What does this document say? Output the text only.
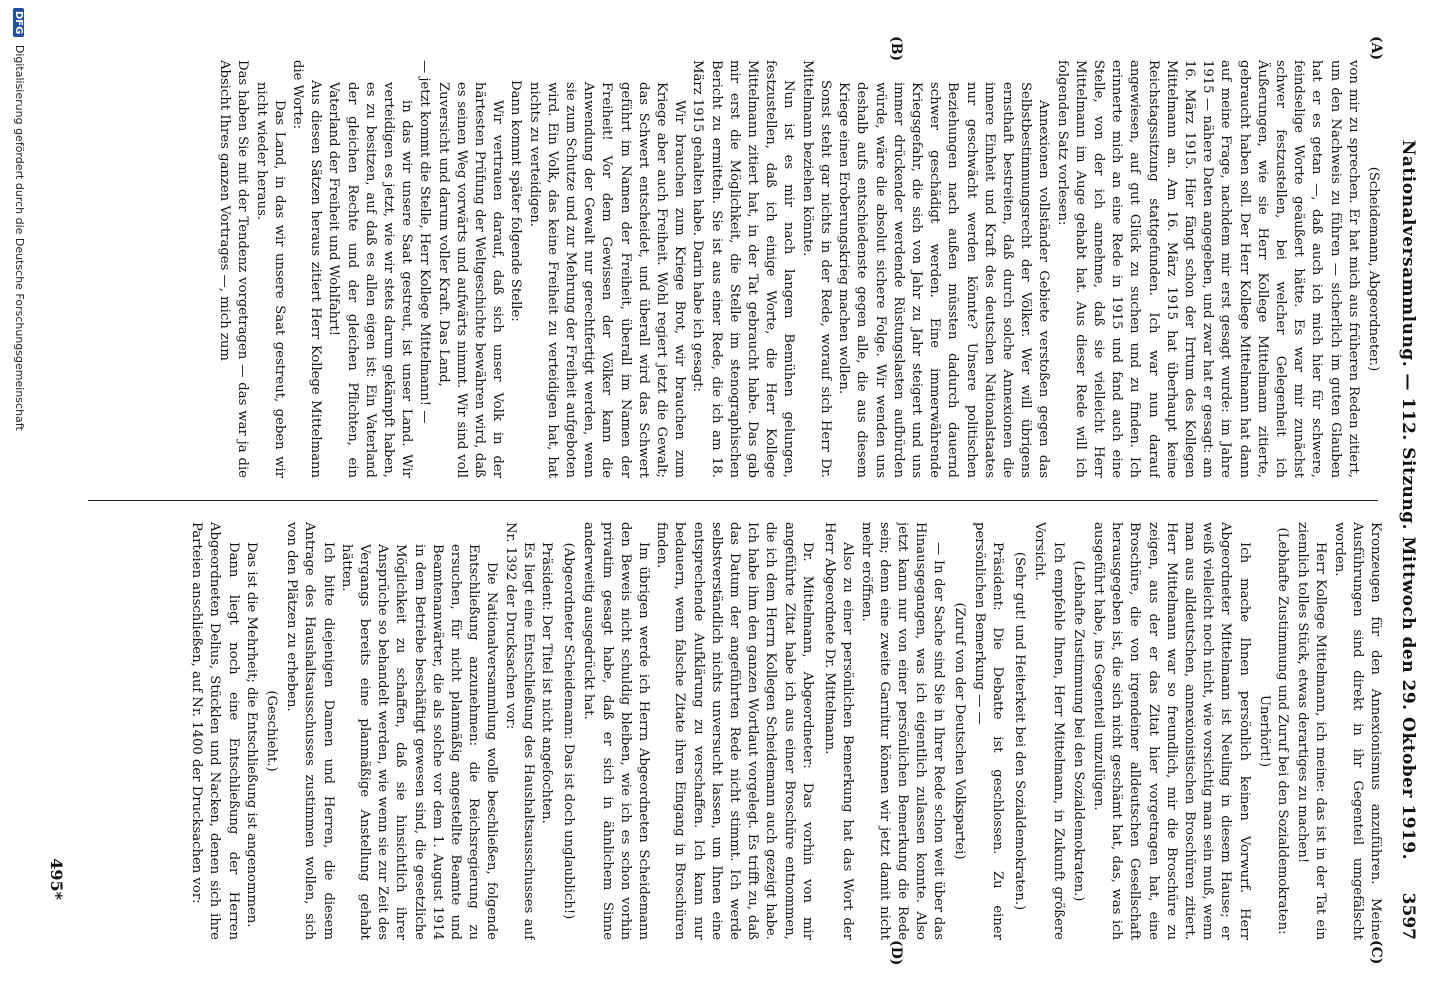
Nationalversammlung. — 112. Sitzung. Mittwoch den 29. Oktober 1919.
3597
(A)
(B)
(C)
(D)

(Scheidemann, Abgeordneter.)

von mir zu sprechen. Er hat mich aus früheren Reden zitiert, um den Nachweis zu führen — sicherlich im guten Glauben hat er es getan —, daß auch ich mich hier für schwere, feindselige Worte geäußert hätte. Es war mir zunächst schwer festzustellen, bei welcher Gelegenheit ich Äußerungen, wie sie Herr Kollege Mittelmann zitierte, gebraucht haben soll. Der Herr Kollege Mittelmann hat dann auf meine Frage, nachdem mir erst gesagt wurde: im Jahre 1915 — nähere Daten angegeben, und zwar hat er gesagt: am 16. März 1915. Hier fängt schon der Irrtum des Kollegen Mittelmann an. Am 16. März 1915 hat überhaupt keine Reichstagssitzung stattgefunden. Ich war nun darauf angewiesen, auf gut Glück zu suchen und zu finden. Ich erinnerte mich an eine Rede in 1915 und fand auch eine Stelle, von der ich annehme, daß sie vielleicht Herr Mittelmann im Auge gehabt hat. Aus dieser Rede will ich folgenden Satz vorlesen:

Annexionen vollständer Gebiete verstoßen gegen das Selbstbestimmungsrecht der Völker. Wer will übrigens ernsthaft bestreiten, daß durch solche Annexionen die innere Einheit und Kraft des deutschen Nationalstaates nur geschwächt werden könnte? Unsere politischen Beziehungen nach außen müssten dadurch dauernd schwer geschädigt werden. Eine immerwährende Kriegsgefahr, die sich von Jahr zu Jahr steigert und uns immer drückender werdende Rüstungslasten aufbürden würde, wäre die absolut sichere Folge. Wir wenden uns deshalb aufs entschiedenste gegen alle, die aus diesem Kriege einen Eroberungskrieg machen wollen.

Sonst steht gar nichts in der Rede, worauf sich Herr Dr. Mittelmann beziehen könnte.

Nun ist es mir nach langem Bemühen gelungen, festzustellen, daß ich einige Worte, die Herr Kollege Mittelmann zitiert hat, in der Tat gebraucht habe. Das gab mir erst die Möglichkeit, die Stelle im stenographischen Bericht zu ermitteln. Sie ist aus einer Rede, die ich am 18. März 1915 gehalten habe. Darin habe ich gesagt:

Wir brauchen zum Kriege Brot, wir brauchen zum Kriege aber auch Freiheit. Wohl regiert jetzt die Gewalt; das Schwert entscheidet, und überall wird das Schwert geführt im Namen der Freiheit, überall im Namen der Freiheit! Vor dem Gewissen der Völker kann die Anwendung der Gewalt nur gerechtfertigt werden, wenn sie zum Schutze und zur Mehrung der Freiheit aufgeboten wird. Ein Volk, das keine Freiheit zu verteidigen hat, hat nichts zu verteidigen.

Dann kommt später folgende Stelle:

Wir vertrauen darauf, daß sich unser Volk in der härtesten Prüfung der Weltgeschichte bewähren wird, daß es seinen Weg vorwärts und aufwärts nimmt. Wir sind voll Zuversicht und darum voller Kraft. Das Land,

— jetzt kommt die Stelle, Herr Kollege Mittelmann! —

in das wir unsere Saat gestreut, ist unser Land. Wir verteidigen es jetzt, wie wir stets darum gekämpft haben, es zu besitzen, auf daß es allen eigen ist: Ein Vaterland der gleichen Rechte und der gleichen Pflichten, ein Vaterland der Freiheit und Wohlfahrt!

Aus diesen Sätzen heraus zitiert Herr Kollege Mittelmann die Worte:

Das Land, in das wir unsere Saat gestreut, geben wir nicht wieder heraus.

Das haben Sie mit der Tendenz vorgetragen — das war ja die Absicht Ihres ganzen Vortrages —, mich zum

Kronzeugen für den Annexionismus anzuführen. Meine Ausführungen sind direkt in ihr Gegenteil umgefälscht worden.

Herr Kollege Mittelmann, ich meine: das ist in der Tat ein ziemlich tolles Stück, etwas derartiges zu machen!

(Lebhafte Zustimmung und Zuruf bei den Sozialdemokraten: Unerhört!)

Ich mache Ihnen persönlich keinen Vorwurf. Herr Abgeordneter Mittelmann ist Neuling in diesem Hause; er weiß vielleicht noch nicht, wie vorsichtig man sein muß, wenn man aus alldeutschen, annexionistischen Broschüren zitiert. Herr Mittelmann war so freundlich, mir die Broschüre zu zeigen, aus der er das Zitat hier vorgetragen hat, eine Broschüre, die von irgendeiner alldeutschen Gesellschaft herausgegeben ist, die sich nicht geschämt hat, das, was ich ausgeführt habe, ins Gegenteil umzulügen.

(Lebhafte Zustimmung bei den Sozialdemokraten.)

Ich empfehle Ihnen, Herr Mittelmann, in Zukunft größere Vorsicht.

(Sehr gut! und Heiterkeit bei den Sozialdemokraten.)

Präsident: Die Debatte ist geschlossen. Zu einer persönlichen Bemerkung — —

(Zuruf von der Deutschen Volkspartei)

— In der Sache sind Sie in Ihrer Rede schon weit über das Hinausgegangen, was ich eigentlich zulassen konnte. Also jetzt kann nur von einer persönlichen Bemerkung die Rede sein; denn eine zweite Garnitur können wir jetzt damit nicht mehr eröffnen.

Also zu einer persönlichen Bemerkung hat das Wort der Herr Abgeordnete Dr. Mittelmann.

Dr. Mittelmann, Abgeordneter: Das vorhin von mir angeführte Zitat habe ich aus einer Broschüre entnommen, die ich dem Herrn Kollegen Scheidemann auch gezeigt habe. Ich habe ihm den ganzen Wortlaut vorgelegt. Es trifft zu, daß das Datum der angeführten Rede nicht stimmt. Ich werde selbstverständlich nichts unversucht lassen, um Ihnen eine entsprechende Aufklärung zu verschaffen. Ich kann nur bedauern, wenn falsche Zitate ihren Eingang in Broschüren finden.

Im übrigen werde ich Herrn Abgeordneten Scheidemann den Beweis nicht schuldig bleiben, wie ich es schon vorhin privatim gesagt habe, daß er sich in ähnlichem Sinne anderweitig ausgedrückt hat.

(Abgeordneter Scheidemann: Das ist doch unglaublich!)

Präsident: Der Titel ist nicht angefochten.

Es liegt eine Entschließung des Haushaltsausschusses auf Nr. 1392 der Drucksachen vor:

Die Nationalversammlung wolle beschließen, folgende Entschließung anzunehmen: die Reichsregierung zu ersuchen, für nicht planmäßig angestellte Beamte und Beamtenanwärter, die als solche vor dem 1. August 1914 in dem Betriebe beschäftigt gewesen sind, die gesetzliche Möglichkeit zu schaffen, daß sie hinsichtlich ihrer Ansprüche so behandelt werden, wie wenn sie zur Zeit des Vergangs bereits eine planmäßige Anstellung gehabt hätten.

Ich bitte diejenigen Damen und Herren, die diesem Antrage des Haushaltsausschusses zustimmen wollen, sich von den Plätzen zu erheben.

(Geschieht.)

Das ist die Mehrheit; die Entschließung ist angenommen.

Dann liegt noch eine Entschließung der Herren Abgeordneten Delius, Stücklen und Nacken, denen sich ihre Parteien anschließen, auf Nr. 1400 der Drucksachen vor:

495*
DFG Digitalisierung gefördert durch die Deutsche Forschungsgemeinschaft
